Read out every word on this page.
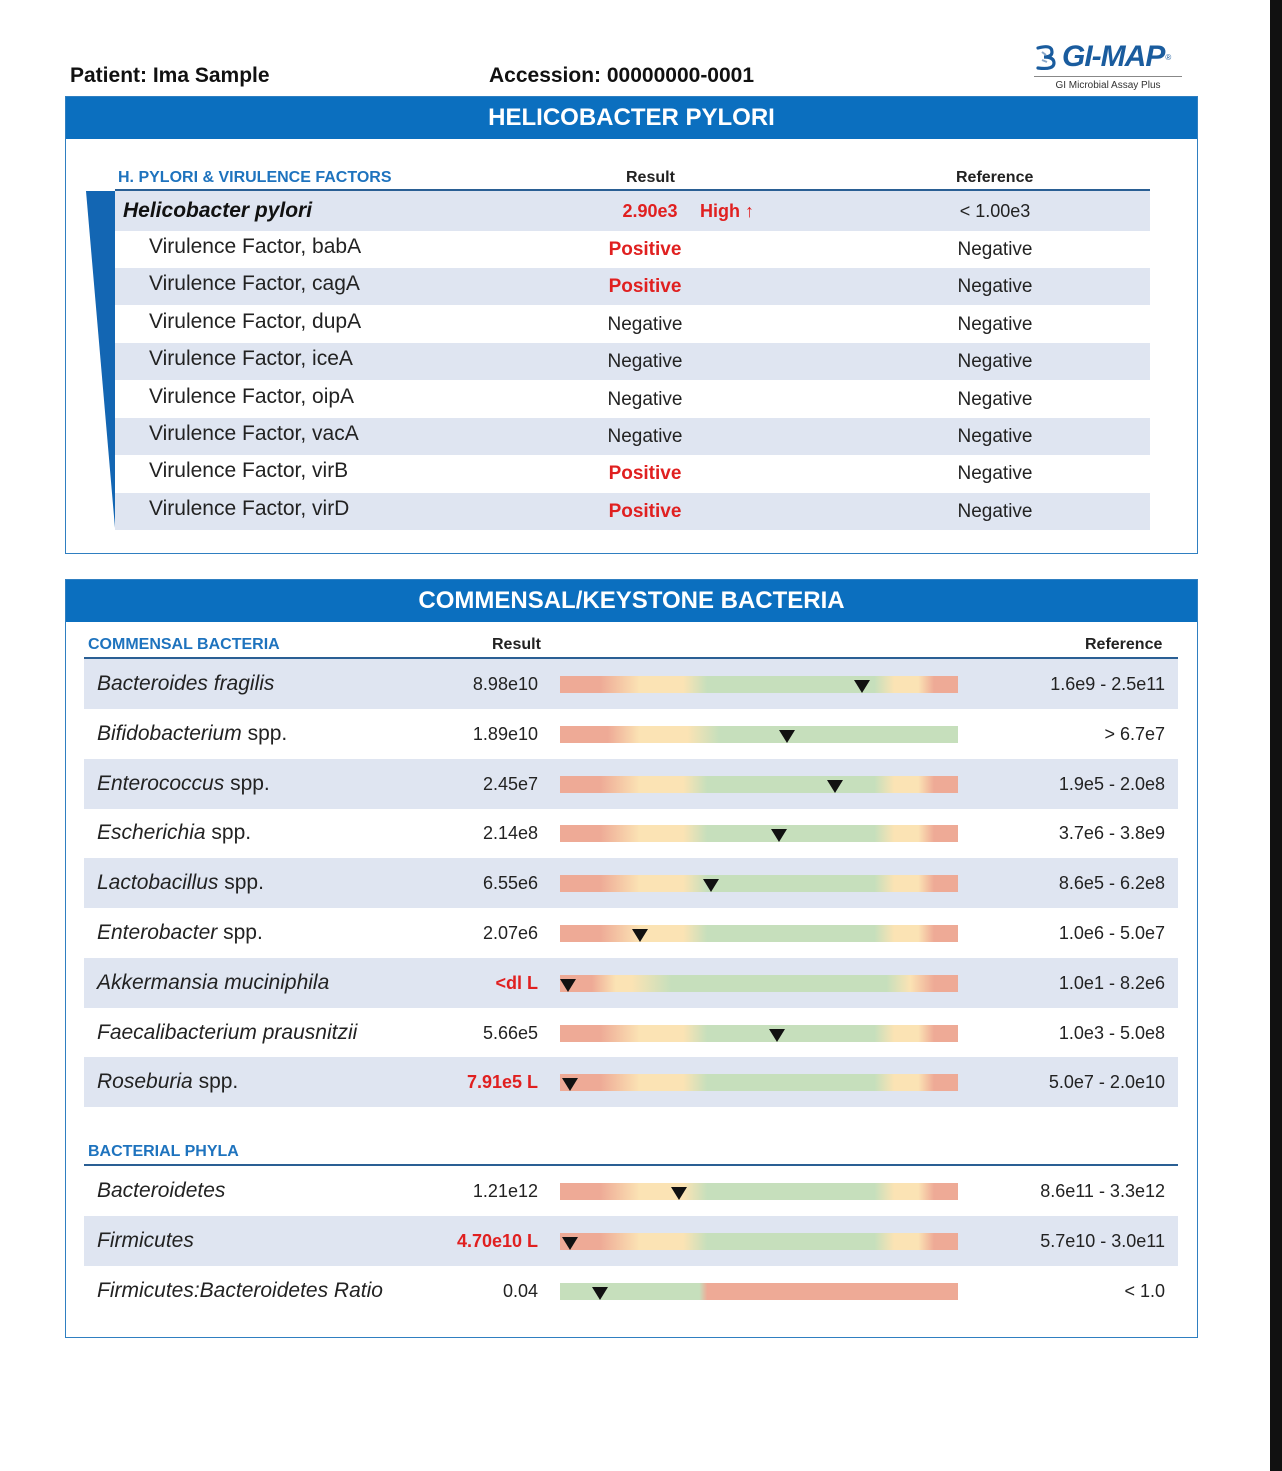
Patient: Ima Sample	Accession: 00000000-0001
GI-MAP ®
GI Microbial Assay Plus
HELICOBACTER PYLORI
H. PYLORI & VIRULENCE FACTORS	Result	Reference
Helicobacter pylori	2.90e3	High ↑	< 1.00e3
Virulence Factor, babA	Positive	Negative
Virulence Factor, cagA	Positive	Negative
Virulence Factor, dupA	Negative	Negative
Virulence Factor, iceA	Negative	Negative
Virulence Factor, oipA	Negative	Negative
Virulence Factor, vacA	Negative	Negative
Virulence Factor, virB	Positive	Negative
Virulence Factor, virD	Positive	Negative
COMMENSAL/KEYSTONE BACTERIA
COMMENSAL BACTERIA	Result	Reference
Bacteroides fragilis	8.98e10	1.6e9 - 2.5e11
Bifidobacterium spp.	1.89e10	> 6.7e7
Enterococcus spp.	2.45e7	1.9e5 - 2.0e8
Escherichia spp.	2.14e8	3.7e6 - 3.8e9
Lactobacillus spp.	6.55e6	8.6e5 - 6.2e8
Enterobacter spp.	2.07e6	1.0e6 - 5.0e7
Akkermansia muciniphila	<dl L	1.0e1 - 8.2e6
Faecalibacterium prausnitzii	5.66e5	1.0e3 - 5.0e8
Roseburia spp.	7.91e5 L	5.0e7 - 2.0e10
BACTERIAL PHYLA
Bacteroidetes	1.21e12	8.6e11 - 3.3e12
Firmicutes	4.70e10 L	5.7e10 - 3.0e11
Firmicutes:Bacteroidetes Ratio	0.04	< 1.0
